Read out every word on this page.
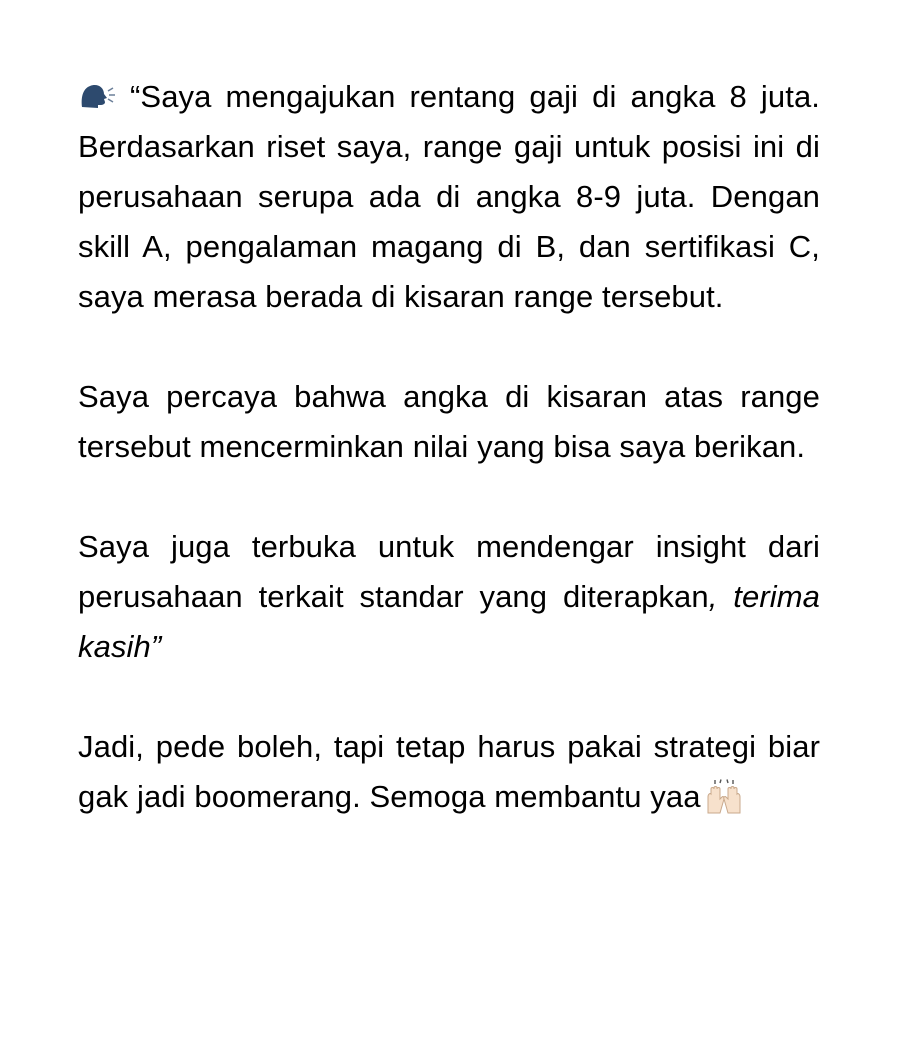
“Saya mengajukan rentang gaji di angka 8 juta. Berdasarkan riset saya, range gaji untuk posisi ini di perusahaan serupa ada di angka 8-9 juta. Dengan skill A, pengalaman magang di B, dan sertifikasi C, saya merasa berada di kisaran range tersebut.

Saya percaya bahwa angka di kisaran atas range tersebut mencerminkan nilai yang bisa saya berikan.

Saya juga terbuka untuk mendengar insight dari perusahaan terkait standar yang diterapkan, terima kasih”

Jadi, pede boleh, tapi tetap harus pakai strategi biar gak jadi boomerang. Semoga membantu yaa
